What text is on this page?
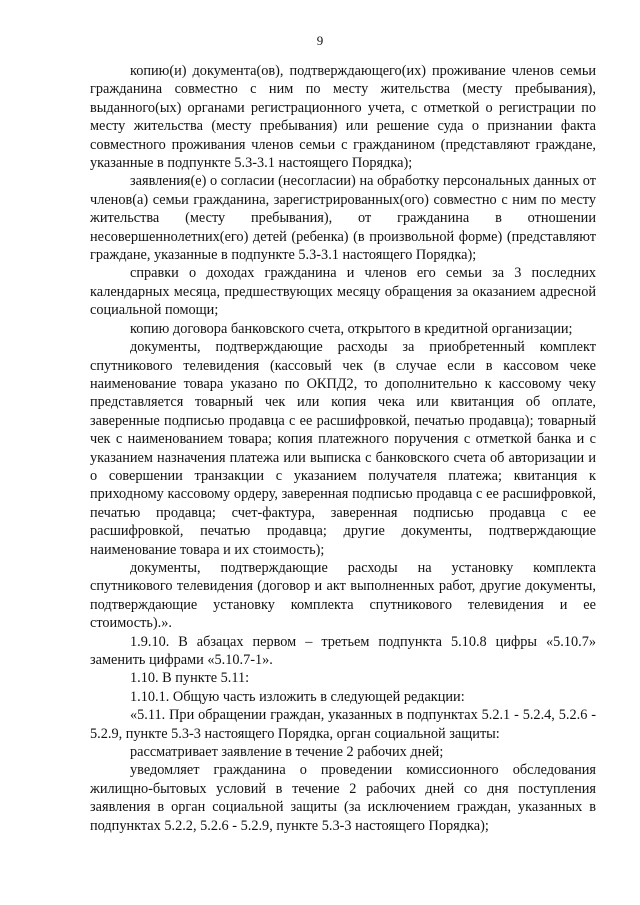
9

копию(и) документа(ов), подтверждающего(их) проживание членов семьи гражданина совместно с ним по месту жительства (месту пребывания), выданного(ых) органами регистрационного учета, с отметкой о регистрации по месту жительства (месту пребывания) или решение суда о признании факта совместного проживания членов семьи с гражданином (представляют граждане, указанные в подпункте 5.3-3.1 настоящего Порядка);

заявления(е) о согласии (несогласии) на обработку персональных данных от членов(а) семьи гражданина, зарегистрированных(ого) совместно с ним по месту жительства (месту пребывания), от гражданина в отношении несовершеннолетних(его) детей (ребенка) (в произвольной форме) (представляют граждане, указанные в подпункте 5.3-3.1 настоящего Порядка);

справки о доходах гражданина и членов его семьи за 3 последних календарных месяца, предшествующих месяцу обращения за оказанием адресной социальной помощи;

копию договора банковского счета, открытого в кредитной организации;

документы, подтверждающие расходы за приобретенный комплект спутникового телевидения (кассовый чек (в случае если в кассовом чеке наименование товара указано по ОКПД2, то дополнительно к кассовому чеку представляется товарный чек или копия чека или квитанция об оплате, заверенные подписью продавца с ее расшифровкой, печатью продавца); товарный чек с наименованием товара; копия платежного поручения с отметкой банка и с указанием назначения платежа или выписка с банковского счета об авторизации и о совершении транзакции с указанием получателя платежа; квитанция к приходному кассовому ордеру, заверенная подписью продавца с ее расшифровкой, печатью продавца; счет-фактура, заверенная подписью продавца с ее расшифровкой, печатью продавца; другие документы, подтверждающие наименование товара и их стоимость);

документы, подтверждающие расходы на установку комплекта спутникового телевидения (договор и акт выполненных работ, другие документы, подтверждающие установку комплекта спутникового телевидения и ее стоимость).».

1.9.10. В абзацах первом – третьем подпункта 5.10.8 цифры «5.10.7» заменить цифрами «5.10.7-1».

1.10. В пункте 5.11:

1.10.1. Общую часть изложить в следующей редакции:

«5.11. При обращении граждан, указанных в подпунктах 5.2.1 - 5.2.4, 5.2.6 - 5.2.9, пункте 5.3-3 настоящего Порядка, орган социальной защиты:

рассматривает заявление в течение 2 рабочих дней;

уведомляет гражданина о проведении комиссионного обследования жилищно-бытовых условий в течение 2 рабочих дней со дня поступления заявления в орган социальной защиты (за исключением граждан, указанных в подпунктах 5.2.2, 5.2.6 - 5.2.9, пункте 5.3-3 настоящего Порядка);
